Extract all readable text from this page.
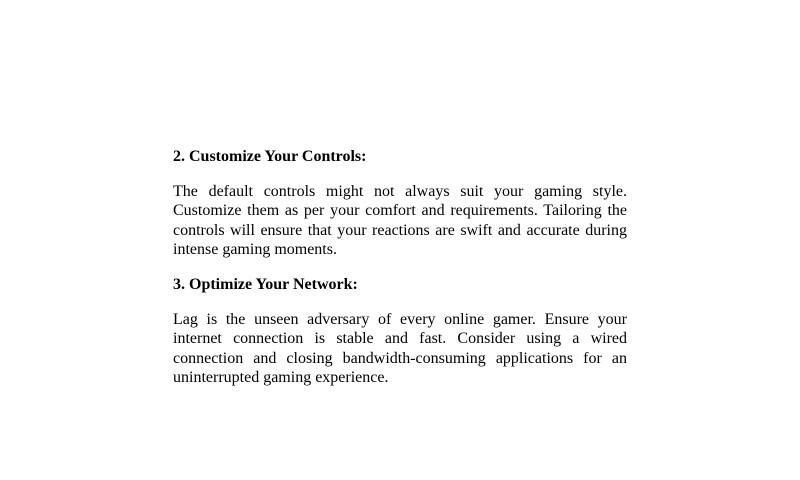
2. Customize Your Controls:

The default controls might not always suit your gaming style. Customize them as per your comfort and requirements. Tailoring the controls will ensure that your reactions are swift and accurate during intense gaming moments.

3. Optimize Your Network:

Lag is the unseen adversary of every online gamer. Ensure your internet connection is stable and fast. Consider using a wired connection and closing bandwidth-consuming applications for an uninterrupted gaming experience.
